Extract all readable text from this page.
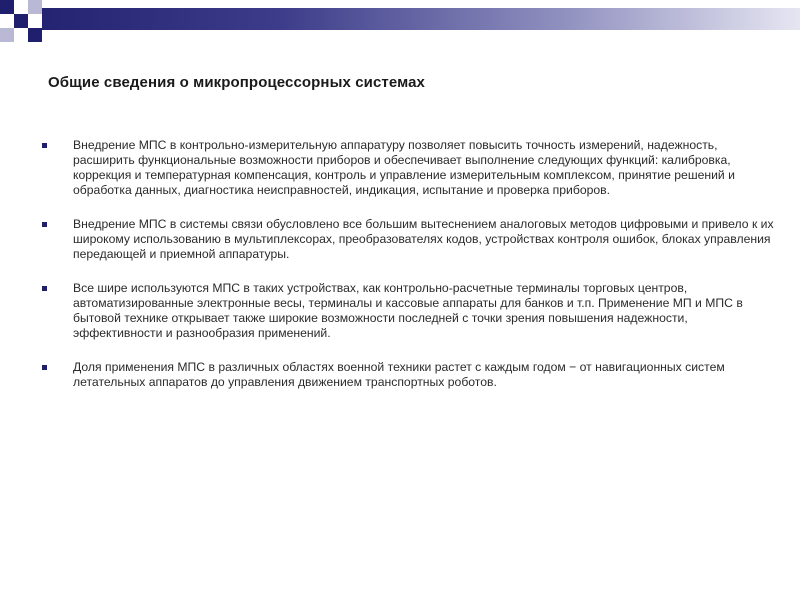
Общие сведения о микропроцессорных системах
Внедрение МПС в контрольно-измерительную аппаратуру позволяет повысить точность измерений, надежность, расширить функциональные возможности приборов и обеспечивает выполнение следующих функций: калибровка, коррекция и температурная компенсация, контроль и управление измерительным комплексом, принятие решений и обработка данных, диагностика неисправностей, индикация, испытание и проверка приборов.
Внедрение МПС в системы связи обусловлено все большим вытеснением аналоговых методов цифровыми и привело к их широкому использованию в мультиплексорах, преобразователях кодов, устройствах контроля ошибок, блоках управления передающей и приемной аппаратуры.
Все шире используются МПС в таких устройствах, как контрольно-расчетные терминалы торговых центров, автоматизированные электронные весы, терминалы и кассовые аппараты для банков и т.п. Применение МП и МПС в бытовой технике открывает также широкие возможности последней с точки зрения повышения надежности, эффективности и разнообразия применений.
Доля применения МПС в различных областях военной техники растет с каждым годом − от навигационных систем летательных аппаратов до управления движением транспортных роботов.
